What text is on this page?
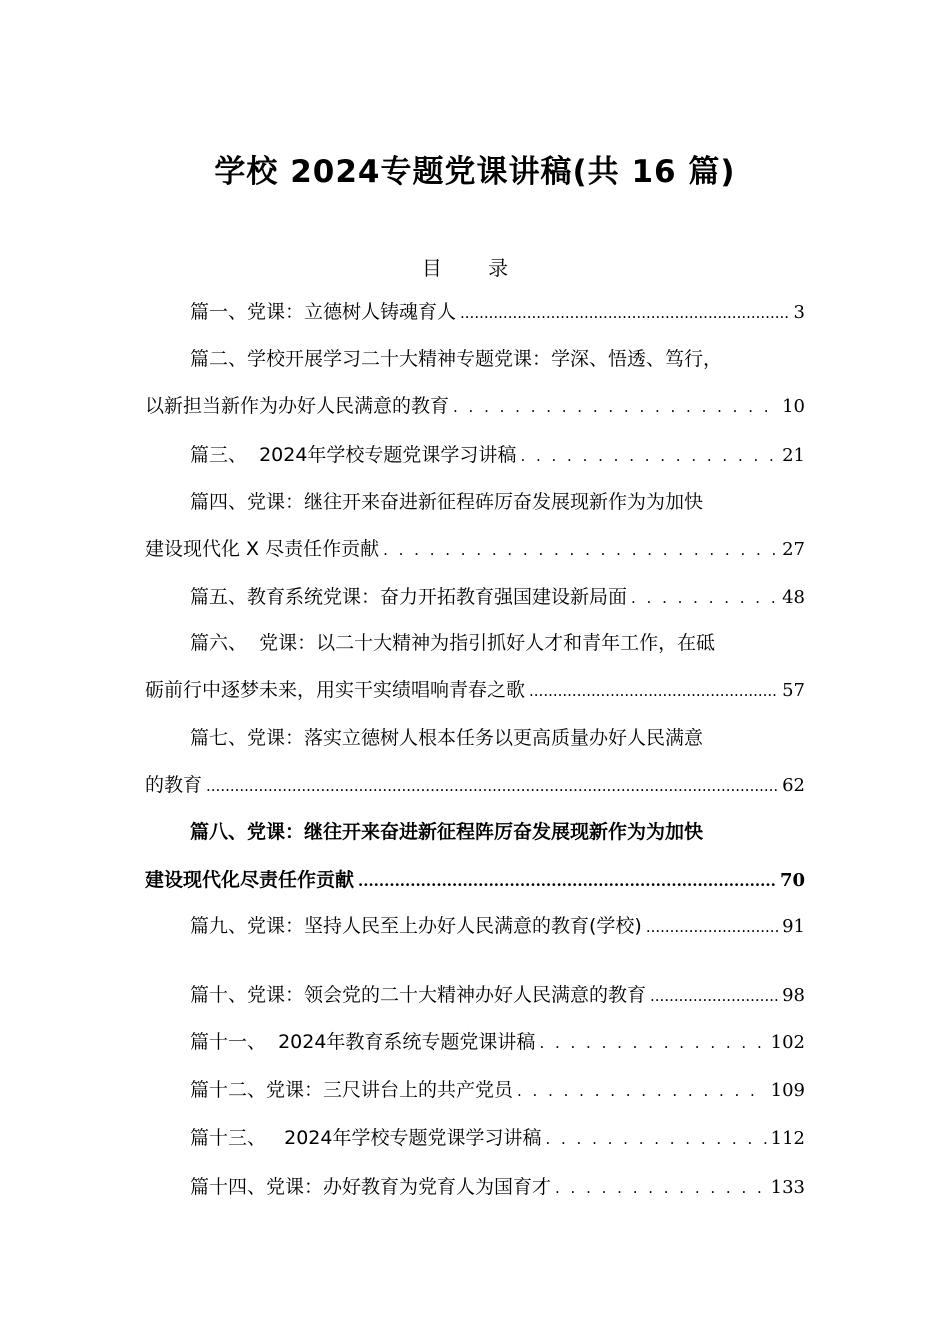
学校 2024专题党课讲稿(共 16 篇)
目 录
篇一、党课：立德树人铸魂育人 .....	3
篇二、学校开展学习二十大精神专题党课：学深、悟透、笃行，
以新担当新作为办好人民满意的教育 . . .	10
篇三、  2024年学校专题党课学习讲稿 . . .	21
篇四、党课：继往开来奋进新征程砗厉奋发展现新作为为加快
建设现代化 X 尽责任作贡献 . . .	27
篇五、教育系统党课：奋力开拓教育强国建设新局面 . . .	48
篇六、  党课：以二十大精神为指引抓好人才和青年工作，在砥
砺前行中逐梦未来，用实干实绩唱响青春之歌 .....	57
篇七、党课：落实立德树人根本任务以更高质量办好人民满意
的教育 .....	62
篇八、党课：继往开来奋进新征程阵厉奋发展现新作为为加快
建设现代化尽责任作贡献 .....	70
篇九、党课：坚持人民至上办好人民满意的教育(学校) .....	91
篇十、党课：领会党的二十大精神办好人民满意的教育 .....	98
篇十一、  2024年教育系统专题党课讲稿 . . .	102
篇十二、党课：三尺讲台上的共产党员 . . .	109
篇十三、   2024年学校专题党课学习讲稿 . . .	112
篇十四、党课：办好教育为党育人为国育才 . . .	133
